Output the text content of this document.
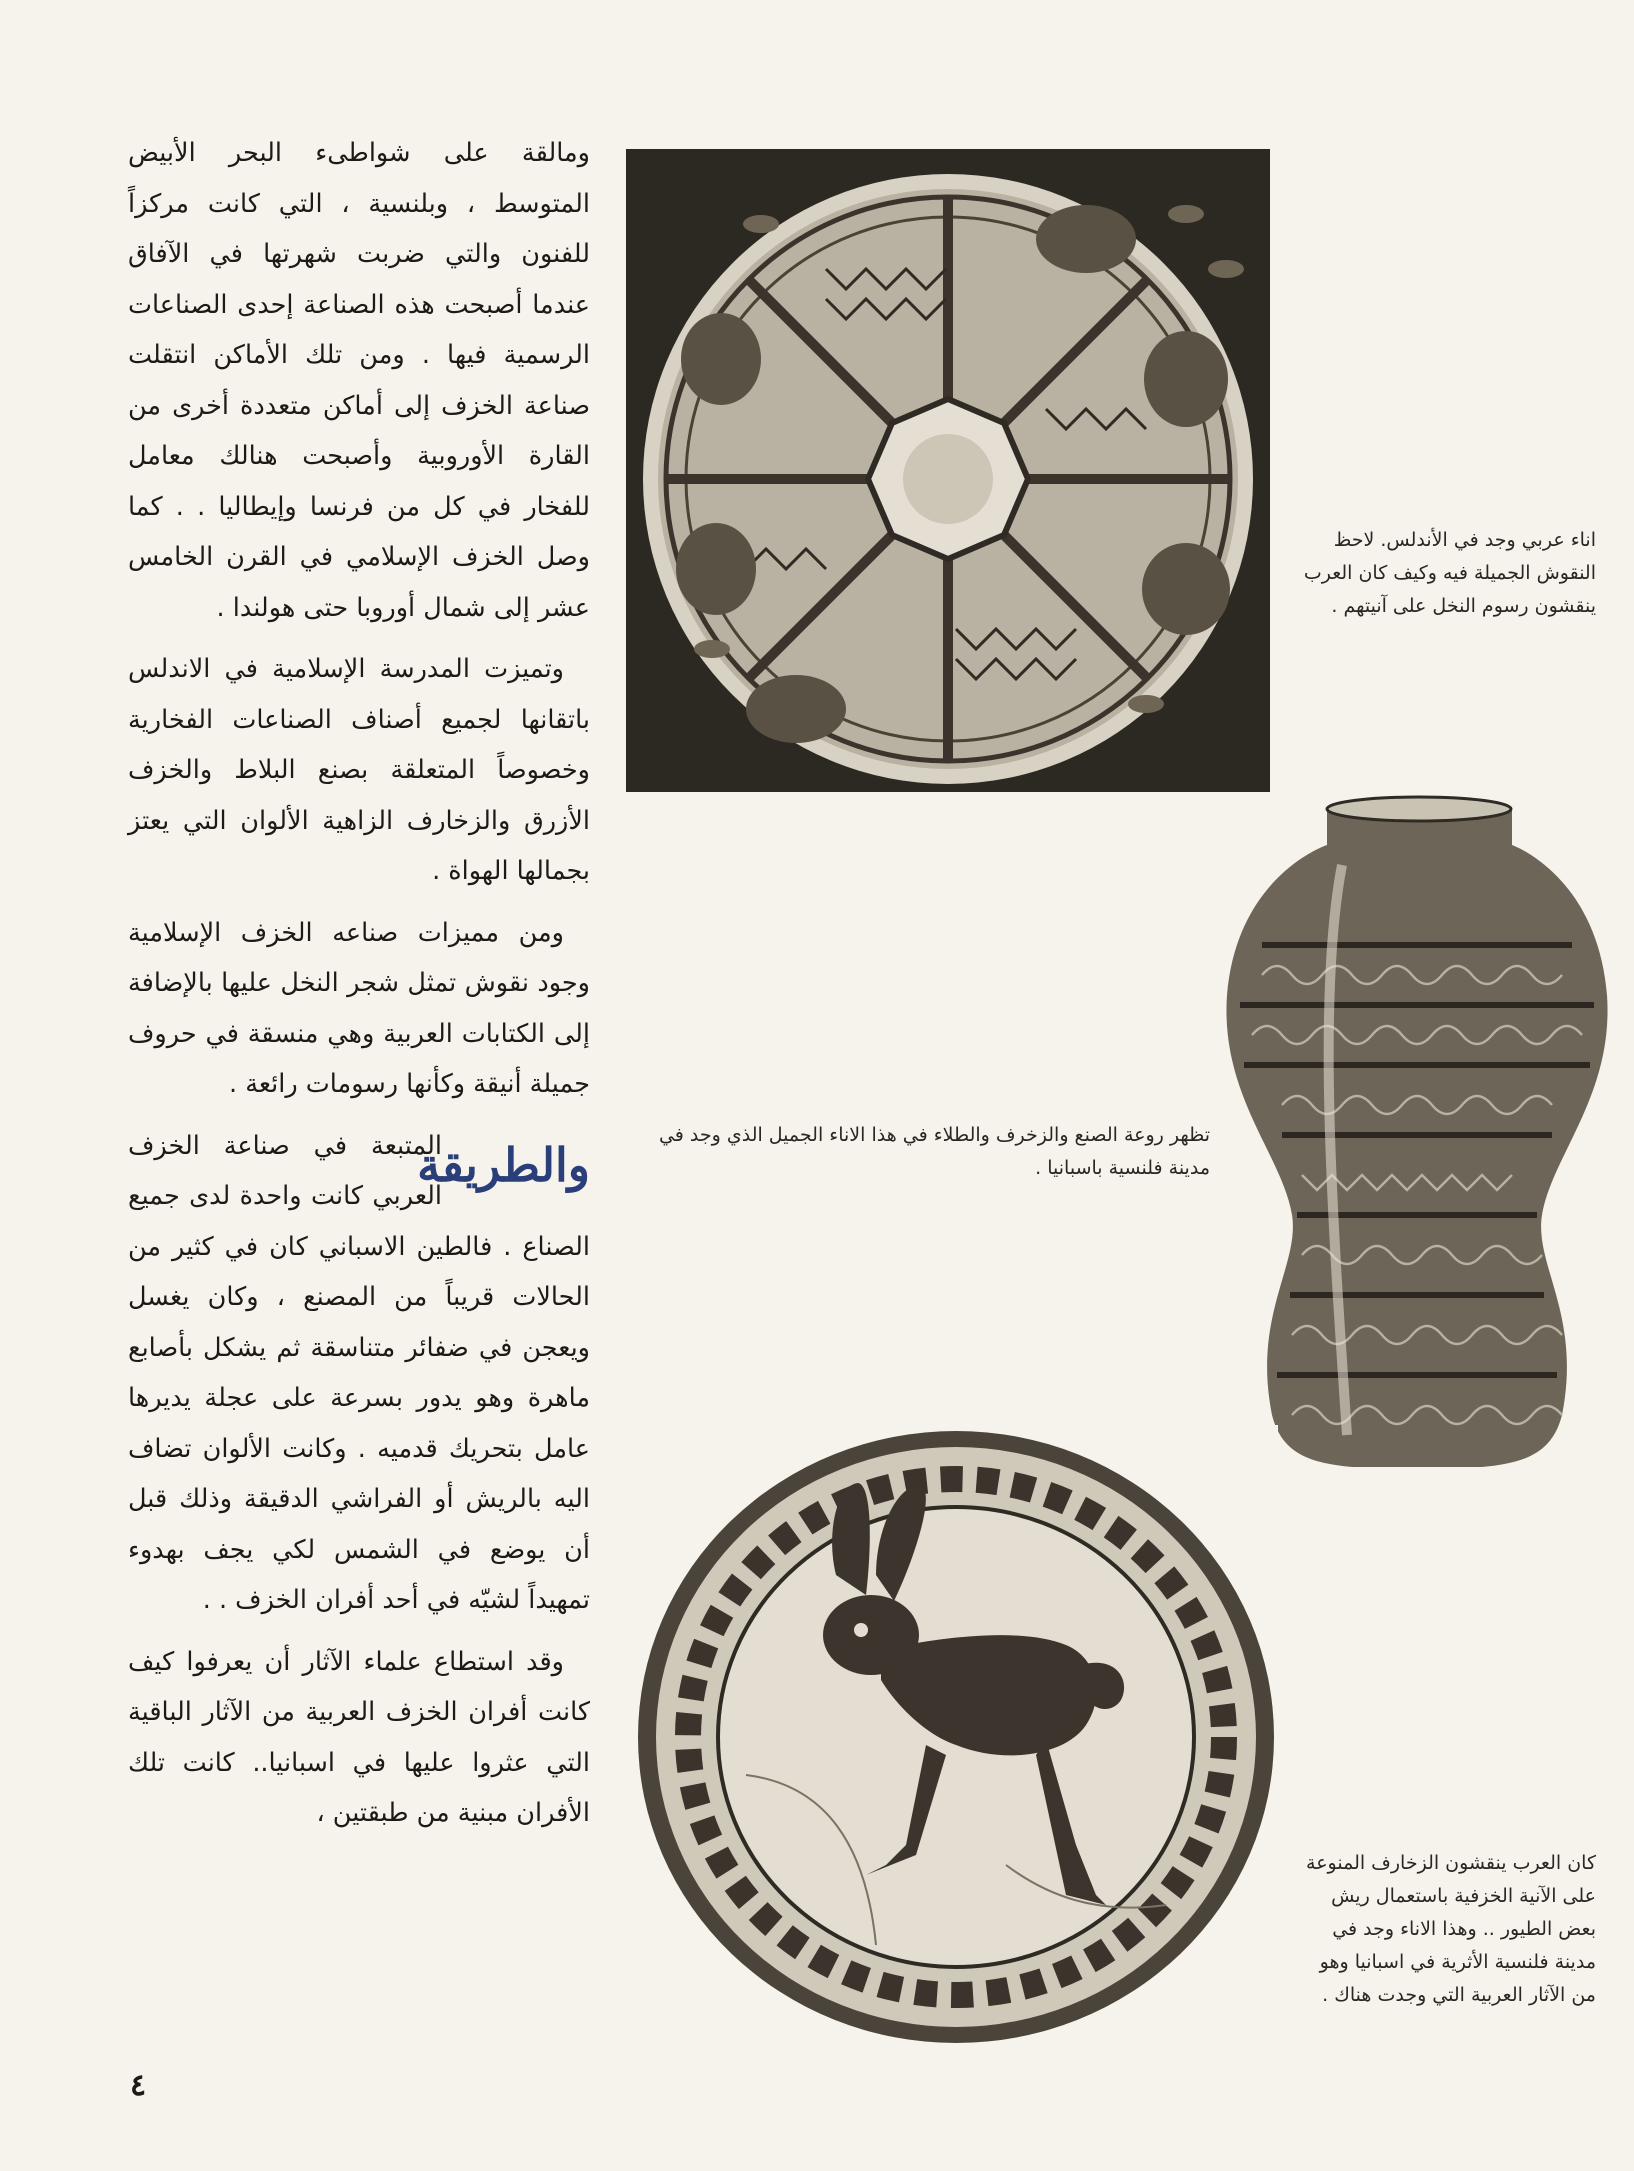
ومالقة على شواطىء البحر الأبيض المتوسط ، وبلنسية ، التي كانت مركزاً للفنون والتي ضربت شهرتها في الآفاق عندما أصبحت هذه الصناعة إحدى الصناعات الرسمية فيها . ومن تلك الأماكن انتقلت صناعة الخزف إلى أماكن متعددة أخرى من القارة الأوروبية وأصبحت هنالك معامل للفخار في كل من فرنسا وإيطاليا . . كما وصل الخزف الإسلامي في القرن الخامس عشر إلى شمال أوروبا حتى هولندا .

وتميزت المدرسة الإسلامية في الاندلس باتقانها لجميع أصناف الصناعات الفخارية وخصوصاً المتعلقة بصنع البلاط والخزف الأزرق والزخارف الزاهية الألوان التي يعتز بجمالها الهواة .

ومن مميزات صناعه الخزف الإسلامية وجود نقوش تمثل شجر النخل عليها بالإضافة إلى الكتابات العربية وهي منسقة في حروف جميلة أنيقة وكأنها رسومات رائعة .

والطريقة
المتبعة في صناعة الخزف العربي كانت واحدة لدى جميع الصناع . فالطين الاسباني كان في كثير من الحالات قريباً من المصنع ، وكان يغسل ويعجن في ضفائر متناسقة ثم يشكل بأصابع ماهرة وهو يدور بسرعة على عجلة يديرها عامل بتحريك قدميه . وكانت الألوان تضاف اليه بالريش أو الفراشي الدقيقة وذلك قبل أن يوضع في الشمس لكي يجف بهدوء تمهيداً لشيّه في أحد أفران الخزف . .

وقد استطاع علماء الآثار أن يعرفوا كيف كانت أفران الخزف العربية من الآثار الباقية التي عثروا عليها في اسبانيا.. كانت تلك الأفران مبنية من طبقتين ،

اناء عربي وجد في الأندلس. لاحظ النقوش الجميلة فيه وكيف كان العرب ينقشون رسوم النخل على آنيتهم .
تظهر روعة الصنع والزخرف والطلاء في هذا الاناء الجميل الذي وجد في مدينة فلنسية باسبانيا .
كان العرب ينقشون الزخارف المنوعة على الآنية الخزفية باستعمال ريش بعض الطيور .. وهذا الاناء وجد في مدينة فلنسية الأثرية في اسبانيا وهو من الآثار العربية التي وجدت هناك .
٤
